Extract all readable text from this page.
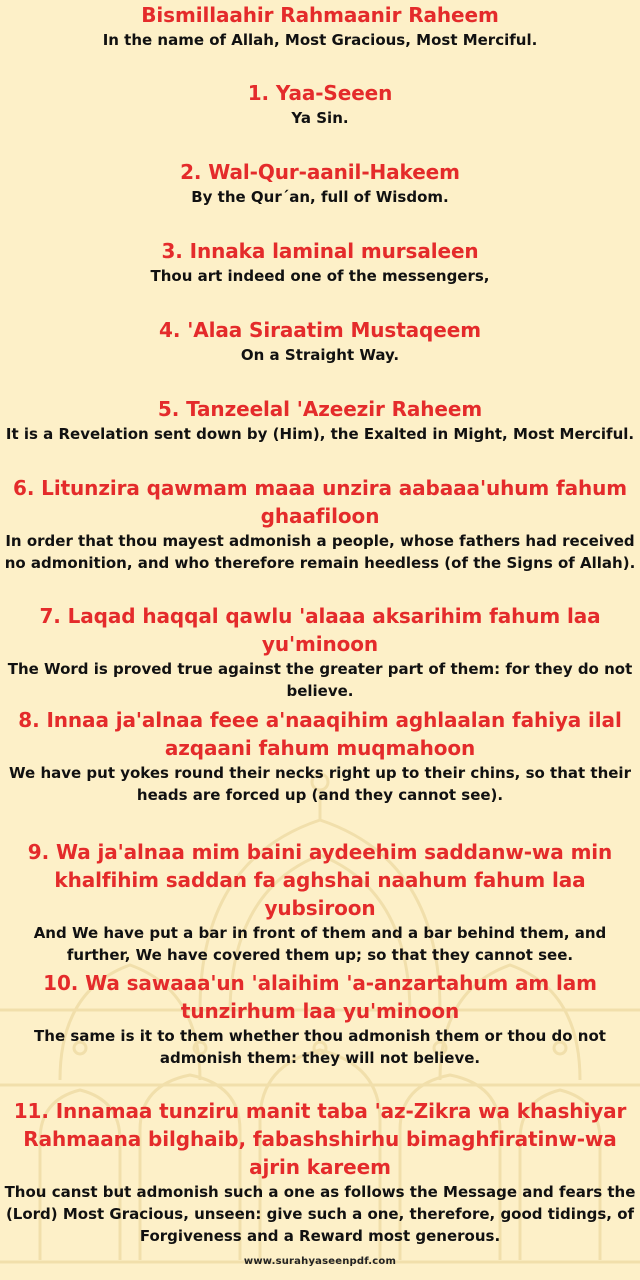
Bismillaahir Rahmaanir Raheem

In the name of Allah, Most Gracious, Most Merciful.

1. Yaa-Seeen

Ya Sin.

2. Wal-Qur-aanil-Hakeem

By the Qur´an, full of Wisdom.

3. Innaka laminal mursaleen

Thou art indeed one of the messengers,

4. 'Alaa Siraatim Mustaqeem

On a Straight Way.

5. Tanzeelal 'Azeezir Raheem

It is a Revelation sent down by (Him), the Exalted in Might, Most Merciful.

6. Litunzira qawmam maaa unzira aabaaa'uhum fahum ghaafiloon

In order that thou mayest admonish a people, whose fathers had received no admonition, and who therefore remain heedless (of the Signs of Allah).

7. Laqad haqqal qawlu 'alaaa aksarihim fahum laa yu'minoon

The Word is proved true against the greater part of them: for they do not believe.

8. Innaa ja'alnaa feee a'naaqihim aghlaalan fahiya ilal azqaani fahum muqmahoon

We have put yokes round their necks right up to their chins, so that their heads are forced up (and they cannot see).

9. Wa ja'alnaa mim baini aydeehim saddanw-wa min khalfihim saddan fa aghshai naahum fahum laa yubsiroon

And We have put a bar in front of them and a bar behind them, and further, We have covered them up; so that they cannot see.

10. Wa sawaaa'un 'alaihim 'a-anzartahum am lam tunzirhum laa yu'minoon

The same is it to them whether thou admonish them or thou do not admonish them: they will not believe.

11. Innamaa tunziru manit taba 'az-Zikra wa khashiyar Rahmaana bilghaib, fabashshirhu bimaghfiratinw-wa ajrin kareem

Thou canst but admonish such a one as follows the Message and fears the (Lord) Most Gracious, unseen: give such a one, therefore, good tidings, of Forgiveness and a Reward most generous.

www.surahyaseenpdf.com
